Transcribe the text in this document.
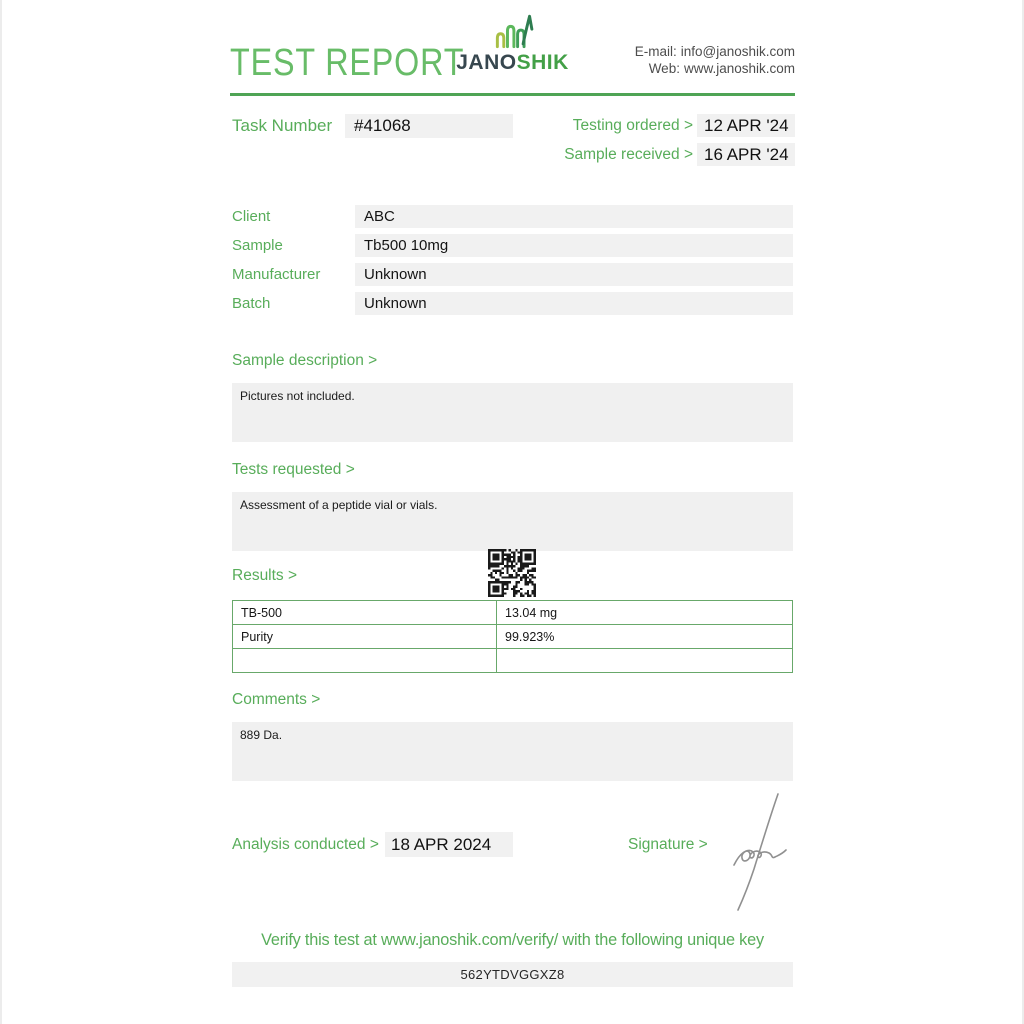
TEST REPORT
JANOSHIK	E-mail: info@janoshik.com
Web: www.janoshik.com
Task Number	#41068	Testing ordered > 12 APR '24
Sample received > 16 APR '24
Client	ABC
Sample	Tb500 10mg
Manufacturer	Unknown
Batch	Unknown
Sample description >
Pictures not included.
Tests requested >
Assessment of a peptide vial or vials.
Results >
TB-500	13.04 mg
Purity	99.923%

Comments >
889 Da.
Analysis conducted > 18 APR 2024	Signature >
Verify this test at www.janoshik.com/verify/ with the following unique key
562YTDVGGXZ8
